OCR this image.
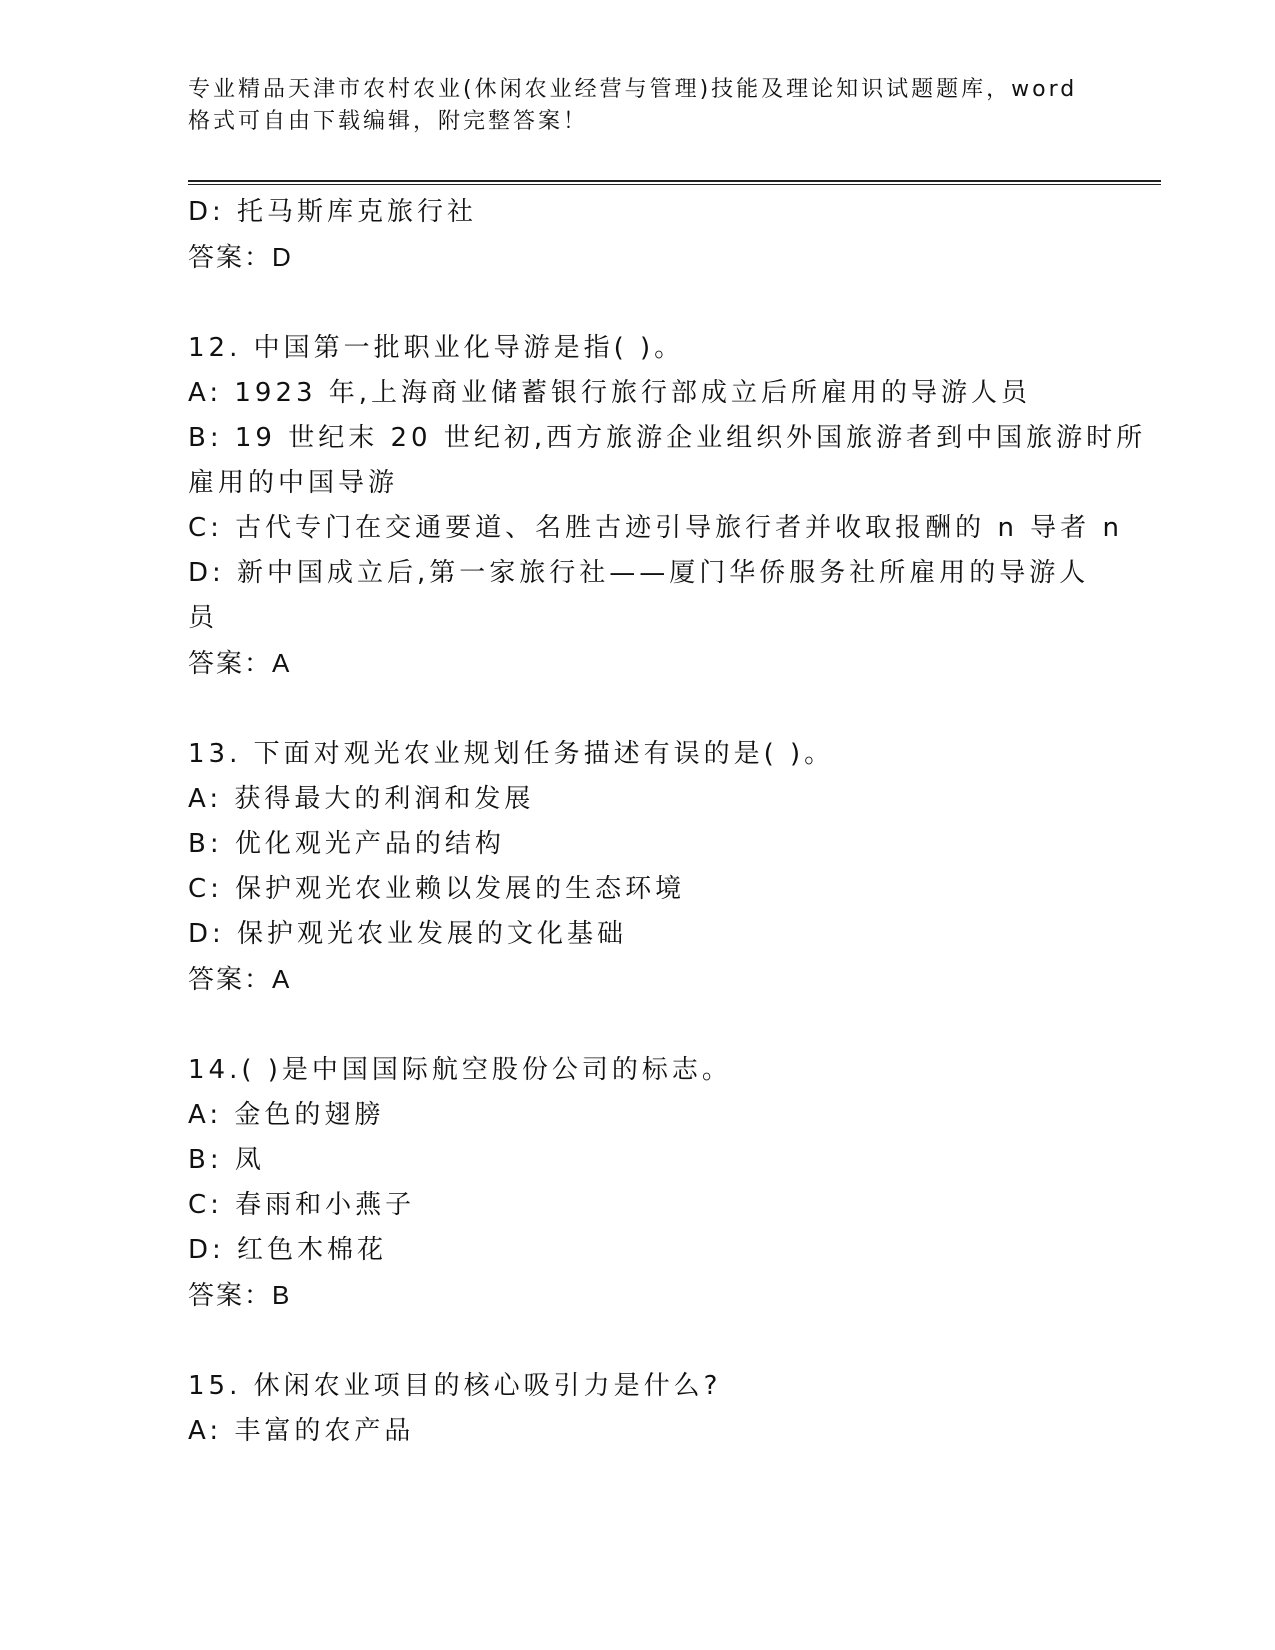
专业精品天津市农村农业(休闲农业经营与管理)技能及理论知识试题题库，word
格式可自由下载编辑，附完整答案！
D: 托马斯库克旅行社
答案：D
12. 中国第一批职业化导游是指( )。
A: 1923 年,上海商业储蓄银行旅行部成立后所雇用的导游人员
B: 19 世纪末 20 世纪初,西方旅游企业组织外国旅游者到中国旅游时所
雇用的中国导游
C: 古代专门在交通要道、名胜古迹引导旅行者并收取报酬的 n 导者 n
D: 新中国成立后,第一家旅行社——厦门华侨服务社所雇用的导游人
员
答案：A
13. 下面对观光农业规划任务描述有误的是( )。
A: 获得最大的利润和发展
B: 优化观光产品的结构
C: 保护观光农业赖以发展的生态环境
D: 保护观光农业发展的文化基础
答案：A
14.( )是中国国际航空股份公司的标志。
A: 金色的翅膀
B: 凤
C: 春雨和小燕子
D: 红色木棉花
答案：B
15. 休闲农业项目的核心吸引力是什么?
A: 丰富的农产品
